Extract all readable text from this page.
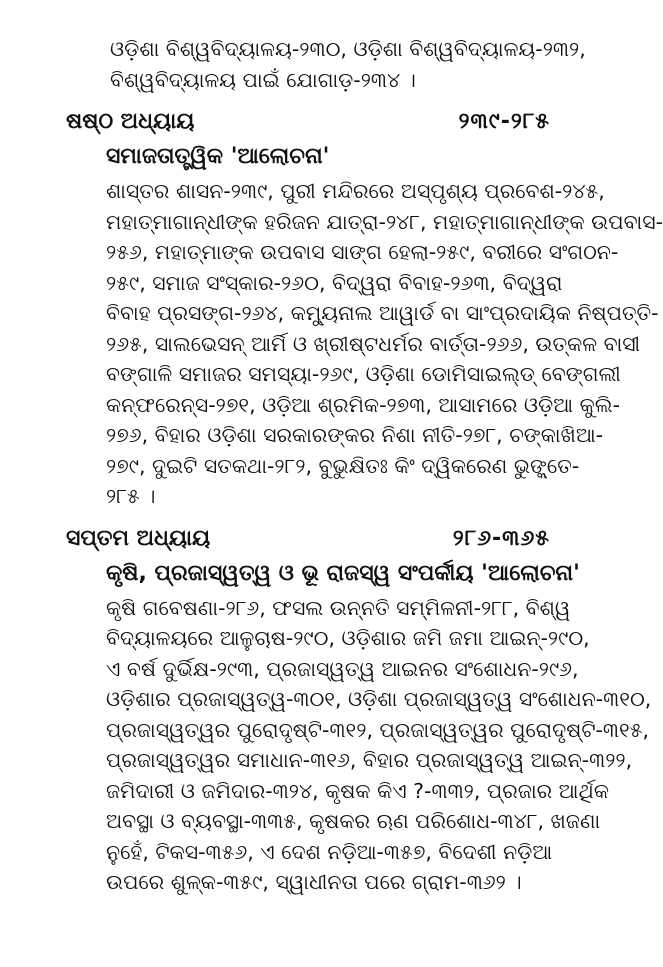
ଓଡ଼ିଶା ବିଶ୍ୱବିଦ୍ୟାଳୟ-୨୩୦, ଓଡ଼ିଶା ବିଶ୍ୱବିଦ୍ୟାଳୟ-୨୩୨,
ବିଶ୍ୱବିଦ୍ୟାଳୟ ପାଇଁ ଯୋଗାଡ଼-୨୩୪ ।
ଷଷ୍ଠ ଅଧ୍ୟାୟ	୨୩୯-୨୮୫
ସମାଜତାତ୍ତ୍ୱିକ 'ଆଲୋଚନା'
ଶାସ୍ତର ଶାସନ-୨୩୯, ପୁରୀ ମନ୍ଦିରରେ ଅସ୍ପୃଶ୍ୟ ପ୍ରବେଶ-୨୪୫,
ମହାତ୍ମାଗାନ୍ଧୀଙ୍କ ହରିଜନ ଯାତ୍ରା-୨୪୮, ମହାତ୍ମାଗାନ୍ଧୀଙ୍କ ଉପବାସ-
୨୫୬, ମହାତ୍ମାଙ୍କ ଉପବାସ ସାଙ୍ଗ ହେଲା-୨୫୯, ବରୀରେ ସଂଗଠନ-
୨୫୯, ସମାଜ ସଂସ୍କାର-୨୬୦, ବିଦ୍ୱରା ବିବାହ-୨୬୩, ବିଦ୍ୱରା
ବିବାହ ପ୍ରସଙ୍ଗ-୨୬୪, କମ୍ୟୁନାଲ ଆୱାର୍ଡ ବା ସାଂପ୍ରଦାୟିକ ନିଷ୍ପତ୍ତି-
୨୬୫, ସାଲଭେସନ୍ ଆର୍ମି ଓ ଖ୍ରୀଷ୍ଟଧର୍ମର ବାର୍ତ୍ତା-୨୬୬, ଉତ୍କଳ ବାସୀ
ବଙ୍ଗାଳି ସମାଜର ସମସ୍ୟା-୨୬୯, ଓଡ଼ିଶା ଡୋମିସାଇଲ୍ଡ୍ ବେଙ୍ଗଲୀ
କନ୍‌ଫରେନ୍ସ-୨୭୧, ଓଡ଼ିଆ ଶ୍ରମିକ-୨୭୩, ଆସାମରେ ଓଡ଼ିଆ କୁଲି-
୨୭୬, ବିହାର ଓଡ଼ିଶା ସରକାରଙ୍କର ନିଶା ନୀତି-୨୭୮, ଚଙ୍କାଖିଆ-
୨୭୯, ଦୁଇଟି ସତକଥା-୨୮୨, ବୁଭୁକ୍ଷିତଃ କିଂ ଦ୍ୱିକରେଣ ଭୁଙ୍କ୍ତେ-
୨୮୫ ।
ସପ୍ତମ ଅଧ୍ୟାୟ	୨୮୬-୩୬୫
କୃଷି, ପ୍ରଜାସ୍ୱତ୍ୱ ଓ ଭୂ ରାଜସ୍ୱ ସଂପର୍କୀୟ 'ଆଲୋଚନା'
କୃଷି ଗବେଷଣା-୨୮୬, ଫସଲ ଉନ୍ନତି ସମ୍ମିଳନୀ-୨୮୮, ବିଶ୍ୱ
ବିଦ୍ୟାଳୟରେ ଆଳୁଚାଷ-୨୯୦, ଓଡ଼ିଶାର ଜମି ଜମା ଆଇନ୍-୨୯୦,
ଏ ବର୍ଷ ଦୁର୍ଭିକ୍ଷ-୨୯୩, ପ୍ରଜାସ୍ୱତ୍ୱ ଆଇନର ସଂଶୋଧନ-୨୯୬,
ଓଡ଼ିଶାର ପ୍ରଜାସ୍ୱତ୍ୱ-୩୦୧, ଓଡ଼ିଶା ପ୍ରଜାସ୍ୱତ୍ୱ ସଂଶୋଧନ-୩୧୦,
ପ୍ରଜାସ୍ୱତ୍ୱର ପୁରୋଦୃଷ୍ଟି-୩୧୨, ପ୍ରଜାସ୍ୱତ୍ୱର ପୁରୋଦୃଷ୍ଟି-୩୧୫,
ପ୍ରଜାସ୍ୱତ୍ୱର ସମାଧାନ-୩୧୬, ବିହାର ପ୍ରଜାସ୍ୱତ୍ୱ ଆଇନ୍-୩୨୨,
ଜମିଦାରୀ ଓ ଜମିଦାର-୩୨୪, କୃଷକ କିଏ ?-୩୩୨, ପ୍ରଜାର ଆର୍ଥିକ
ଅବସ୍ଥା ଓ ବ୍ୟବସ୍ଥା-୩୩୫, କୃଷକର ଋଣ ପରିଶୋଧ-୩୪୮, ଖଜଣା
ନୁହେଁ, ଟିକସ-୩୫୬, ଏ ଦେଶ ନଡ଼ିଆ-୩୫୭, ବିଦେଶୀ ନଡ଼ିଆ
ଉପରେ ଶୁଳ୍କ-୩୫୯, ସ୍ୱାଧୀନତା ପରେ ଗ୍ରାମ-୩୬୨ ।
